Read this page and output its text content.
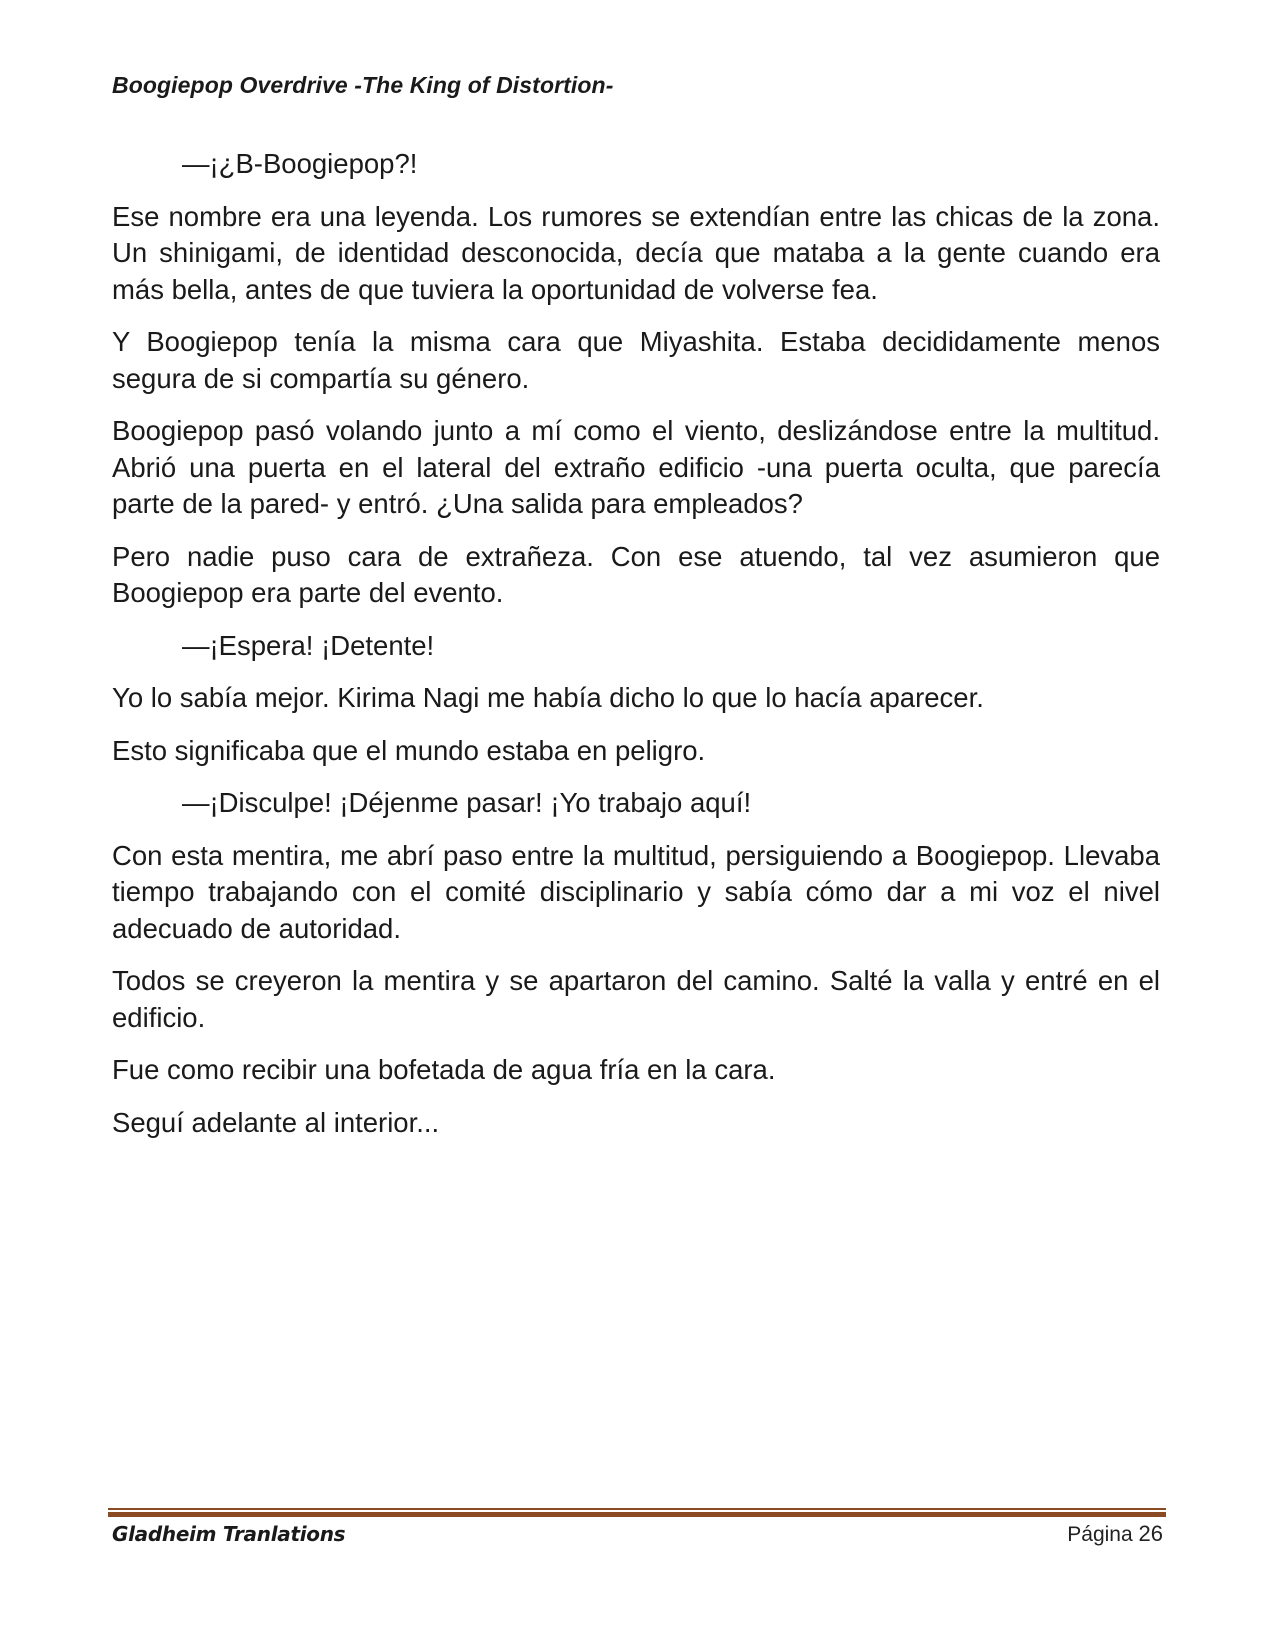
Boogiepop Overdrive -The King of Distortion-

—¡¿B-Boogiepop?!

Ese nombre era una leyenda. Los rumores se extendían entre las chicas de la zona. Un shinigami, de identidad desconocida, decía que mataba a la gente cuando era más bella, antes de que tuviera la oportunidad de volverse fea.

Y Boogiepop tenía la misma cara que Miyashita. Estaba decididamente menos segura de si compartía su género.

Boogiepop pasó volando junto a mí como el viento, deslizándose entre la multitud. Abrió una puerta en el lateral del extraño edificio -una puerta oculta, que parecía parte de la pared- y entró. ¿Una salida para empleados?

Pero nadie puso cara de extrañeza. Con ese atuendo, tal vez asumieron que Boogiepop era parte del evento.

—¡Espera! ¡Detente!

Yo lo sabía mejor. Kirima Nagi me había dicho lo que lo hacía aparecer.

Esto significaba que el mundo estaba en peligro.

—¡Disculpe! ¡Déjenme pasar! ¡Yo trabajo aquí!

Con esta mentira, me abrí paso entre la multitud, persiguiendo a Boogiepop. Llevaba tiempo trabajando con el comité disciplinario y sabía cómo dar a mi voz el nivel adecuado de autoridad.

Todos se creyeron la mentira y se apartaron del camino. Salté la valla y entré en el edificio.

Fue como recibir una bofetada de agua fría en la cara.

Seguí adelante al interior...

Gladheim Tranlations	Página 26
